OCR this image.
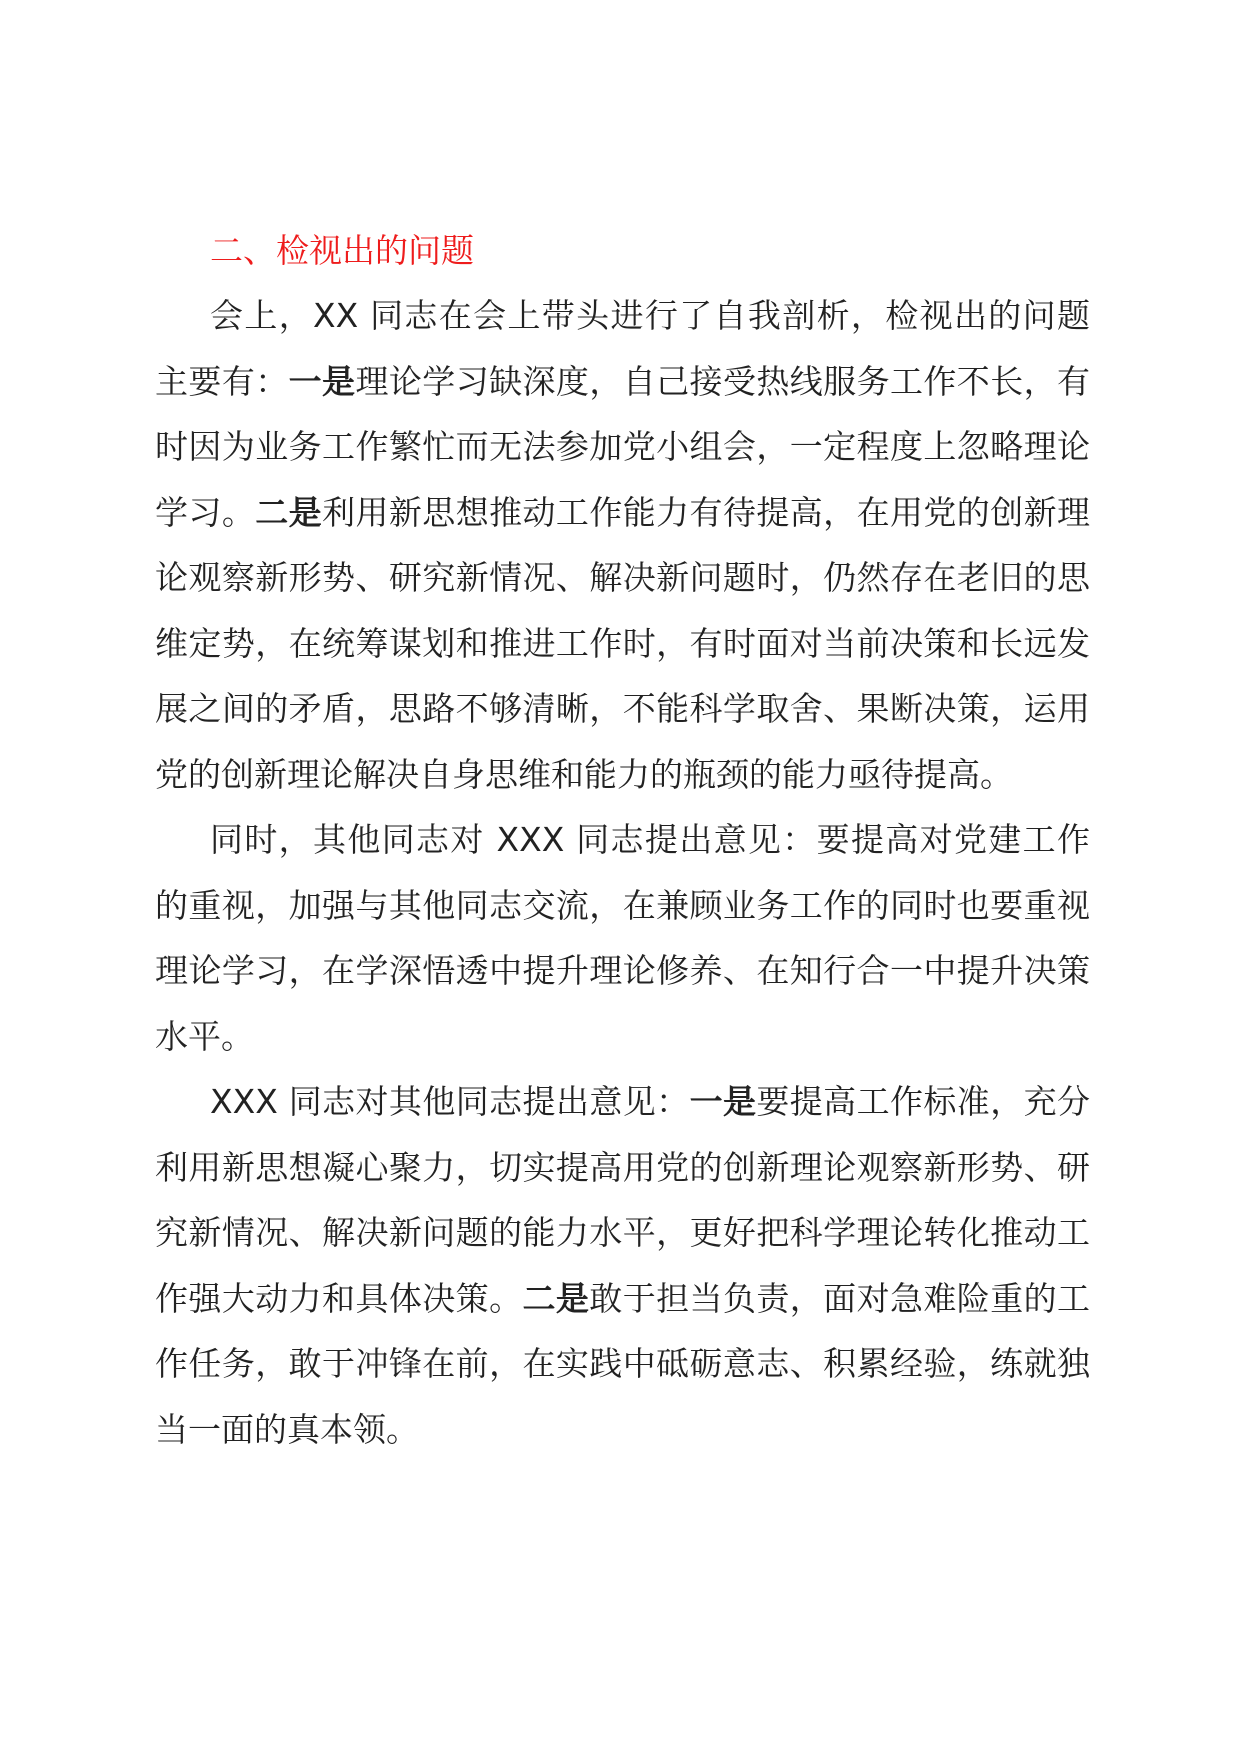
二、检视出的问题

会上，XX 同志在会上带头进行了自我剖析，检视出的问题主要有：一是理论学习缺深度，自己接受热线服务工作不长，有时因为业务工作繁忙而无法参加党小组会，一定程度上忽略理论学习。二是利用新思想推动工作能力有待提高，在用党的创新理论观察新形势、研究新情况、解决新问题时，仍然存在老旧的思维定势，在统筹谋划和推进工作时，有时面对当前决策和长远发展之间的矛盾，思路不够清晰，不能科学取舍、果断决策，运用党的创新理论解决自身思维和能力的瓶颈的能力亟待提高。

同时，其他同志对 XXX 同志提出意见：要提高对党建工作的重视，加强与其他同志交流，在兼顾业务工作的同时也要重视理论学习，在学深悟透中提升理论修养、在知行合一中提升决策水平。

XXX 同志对其他同志提出意见：一是要提高工作标准，充分利用新思想凝心聚力，切实提高用党的创新理论观察新形势、研究新情况、解决新问题的能力水平，更好把科学理论转化推动工作强大动力和具体决策。二是敢于担当负责，面对急难险重的工作任务，敢于冲锋在前，在实践中砥砺意志、积累经验，练就独当一面的真本领。
